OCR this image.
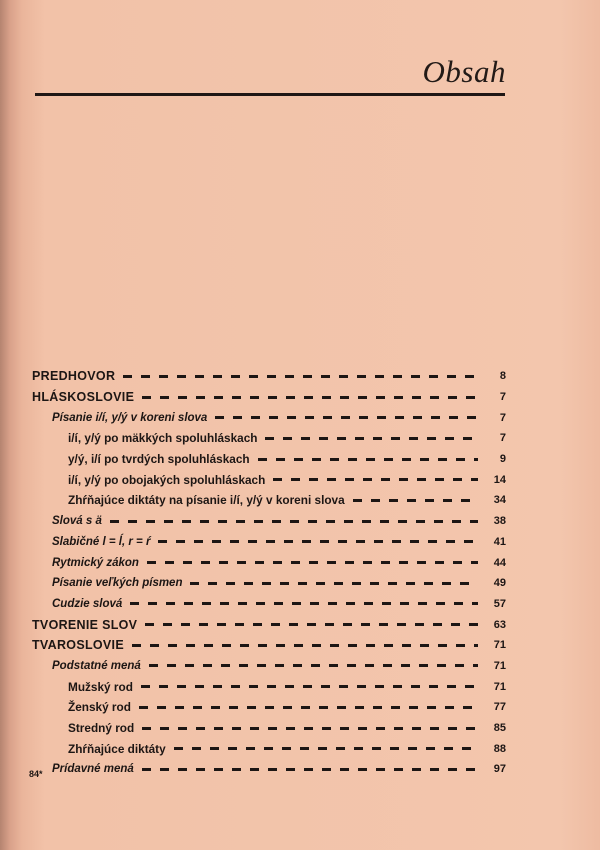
Obsah
PREDHOVOR	8
HLÁSKOSLOVIE	7
Písanie i/í, y/ý v koreni slova	7
i/í, y/ý po mäkkých spoluhláskach	7
y/ý, i/í po tvrdých spoluhláskach	9
i/í, y/ý po obojakých spoluhláskach	14
Zhŕňajúce diktáty na písanie i/í, y/ý v koreni slova	34
Slová s ä	38
Slabičné l = ĺ, r = ŕ	41
Rytmický zákon	44
Písanie veľkých písmen	49
Cudzie slová	57
TVORENIE SLOV	63
TVAROSLOVIE	71
Podstatné mená	71
Mužský rod	71
Ženský rod	77
Stredný rod	85
Zhŕňajúce diktáty	88
Prídavné mená	97
84*
